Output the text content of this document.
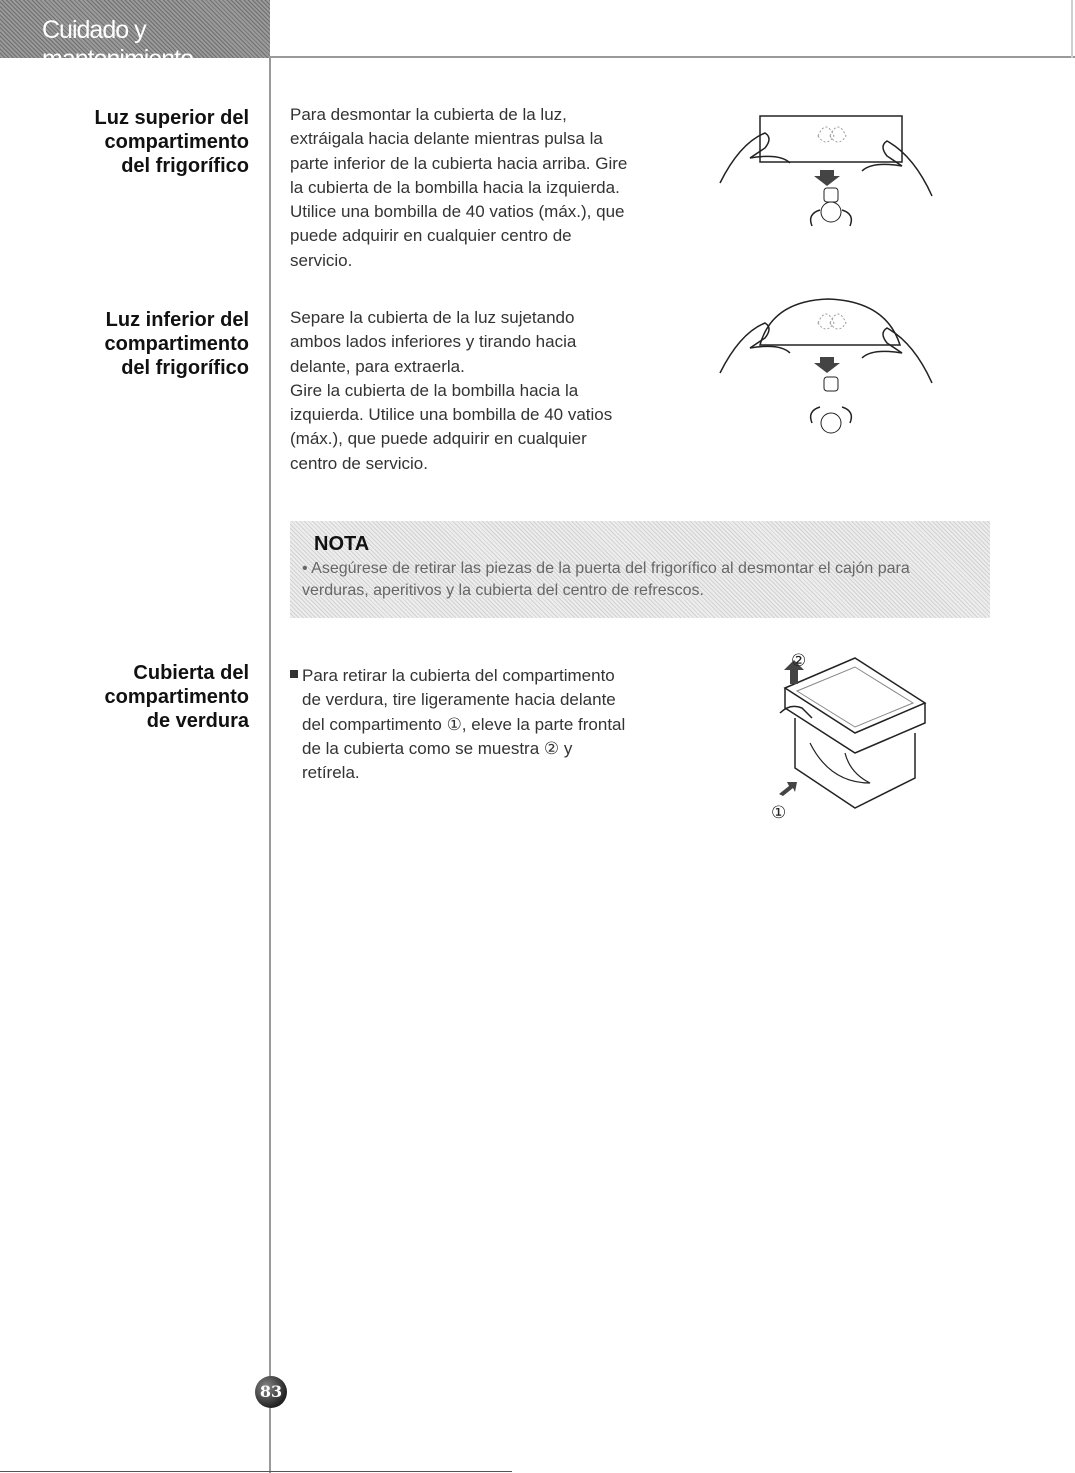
Cuidado y mantenimiento
Luz superior del
compartimento
del frigorífico
Para desmontar la cubierta de la luz,
extráigala hacia delante mientras pulsa la
parte inferior de la cubierta hacia arriba. Gire
la cubierta de la bombilla hacia la izquierda.
Utilice una bombilla de 40 vatios (máx.), que
puede adquirir en cualquier centro de
servicio.
Luz inferior del
compartimento
del frigorífico
Separe la cubierta de la luz sujetando
ambos lados inferiores y tirando hacia
delante, para extraerla.
Gire la cubierta de la bombilla hacia la
izquierda. Utilice una bombilla de 40 vatios
(máx.), que puede adquirir en cualquier
centro de servicio.
NOTA
• Asegúrese de retirar las piezas de la puerta del frigorífico al desmontar el cajón para
verduras, aperitivos y la cubierta del centro de refrescos.
Cubierta del
compartimento
de verdura
Para retirar la cubierta del compartimento
de verdura, tire ligeramente hacia delante
del compartimento ①, eleve la parte frontal
de la cubierta como se muestra ② y
retírela.
②
①
83
